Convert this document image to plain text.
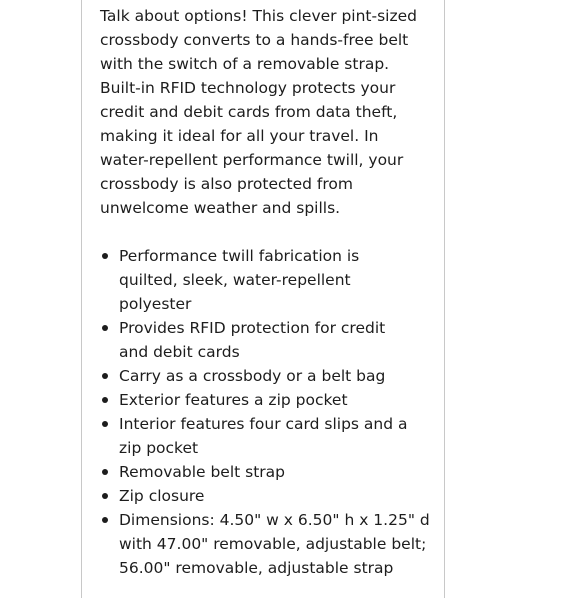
Talk about options! This clever pint-sized
crossbody converts to a hands-free belt
with the switch of a removable strap.
Built-in RFID technology protects your
credit and debit cards from data theft,
making it ideal for all your travel. In
water-repellent performance twill, your
crossbody is also protected from
unwelcome weather and spills.

Performance twill fabrication is
quilted, sleek, water-repellent
polyester
Provides RFID protection for credit
and debit cards
Carry as a crossbody or a belt bag
Exterior features a zip pocket
Interior features four card slips and a
zip pocket
Removable belt strap
Zip closure
Dimensions: 4.50" w x 6.50" h x 1.25" d
with 47.00" removable, adjustable belt;
56.00" removable, adjustable strap
